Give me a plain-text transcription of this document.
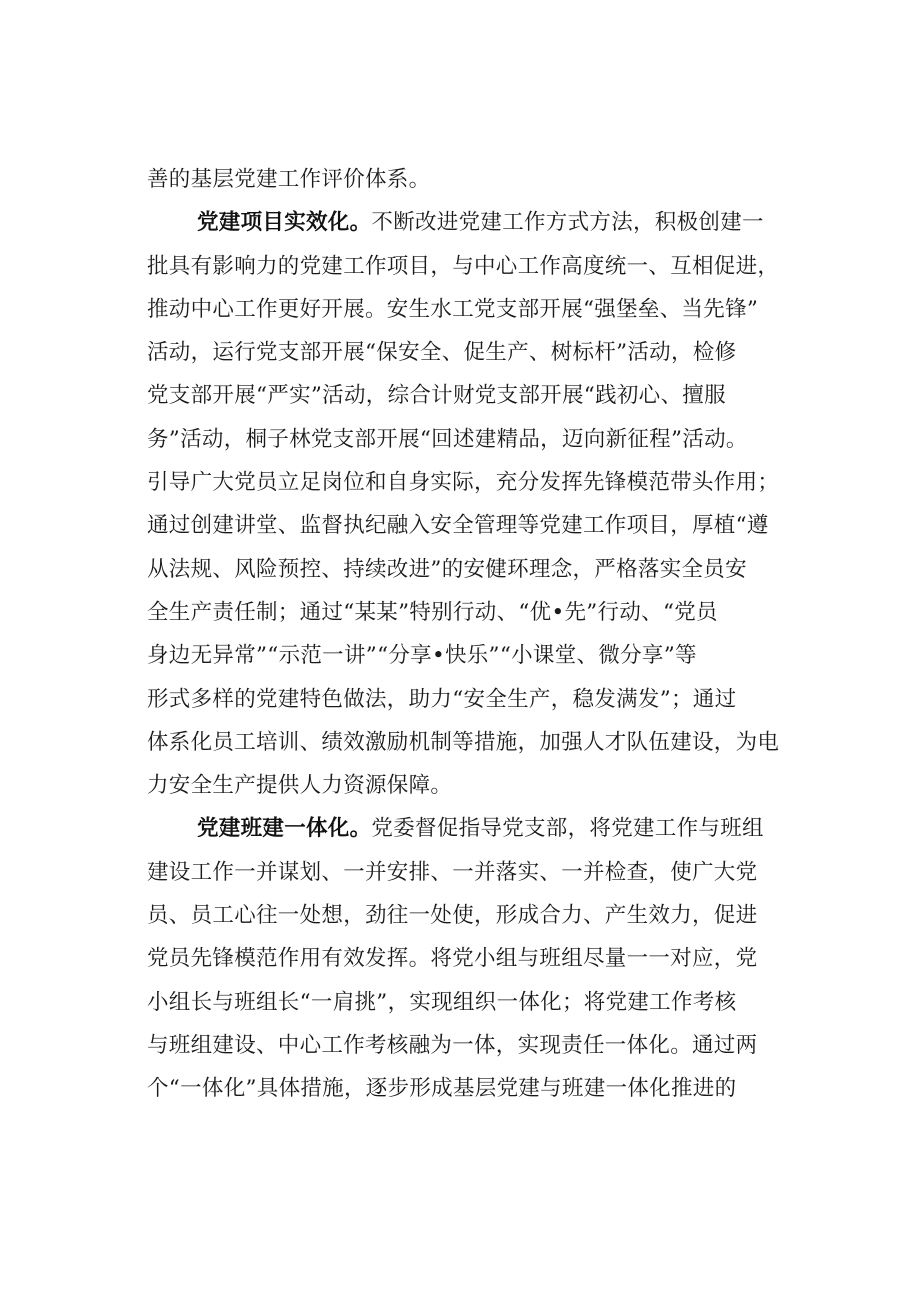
善的基层党建工作评价体系。
党建项目实效化。不断改进党建工作方式方法，积极创建一
批具有影响力的党建工作项目，与中心工作高度统一、互相促进，
推动中心工作更好开展。安生水工党支部开展“强堡垒、当先锋”
活动，运行党支部开展“保安全、促生产、树标杆”活动，检修
党支部开展“严实”活动，综合计财党支部开展“践初心、擅服
务”活动，桐子林党支部开展“回述建精品，迈向新征程”活动。
引导广大党员立足岗位和自身实际，充分发挥先锋模范带头作用；
通过创建讲堂、监督执纪融入安全管理等党建工作项目，厚植“遵
从法规、风险预控、持续改进”的安健环理念，严格落实全员安
全生产责任制；通过“某某”特别行动、“优•先”行动、“党员
身边无异常”“示范一讲”“分享•快乐”“小课堂、微分享”等
形式多样的党建特色做法，助力“安全生产，稳发满发”；通过
体系化员工培训、绩效激励机制等措施，加强人才队伍建设，为电
力安全生产提供人力资源保障。
党建班建一体化。党委督促指导党支部，将党建工作与班组
建设工作一并谋划、一并安排、一并落实、一并检查，使广大党
员、员工心往一处想，劲往一处使，形成合力、产生效力，促进
党员先锋模范作用有效发挥。将党小组与班组尽量一一对应，党
小组长与班组长“一肩挑”，实现组织一体化；将党建工作考核
与班组建设、中心工作考核融为一体，实现责任一体化。通过两
个“一体化”具体措施，逐步形成基层党建与班建一体化推进的
